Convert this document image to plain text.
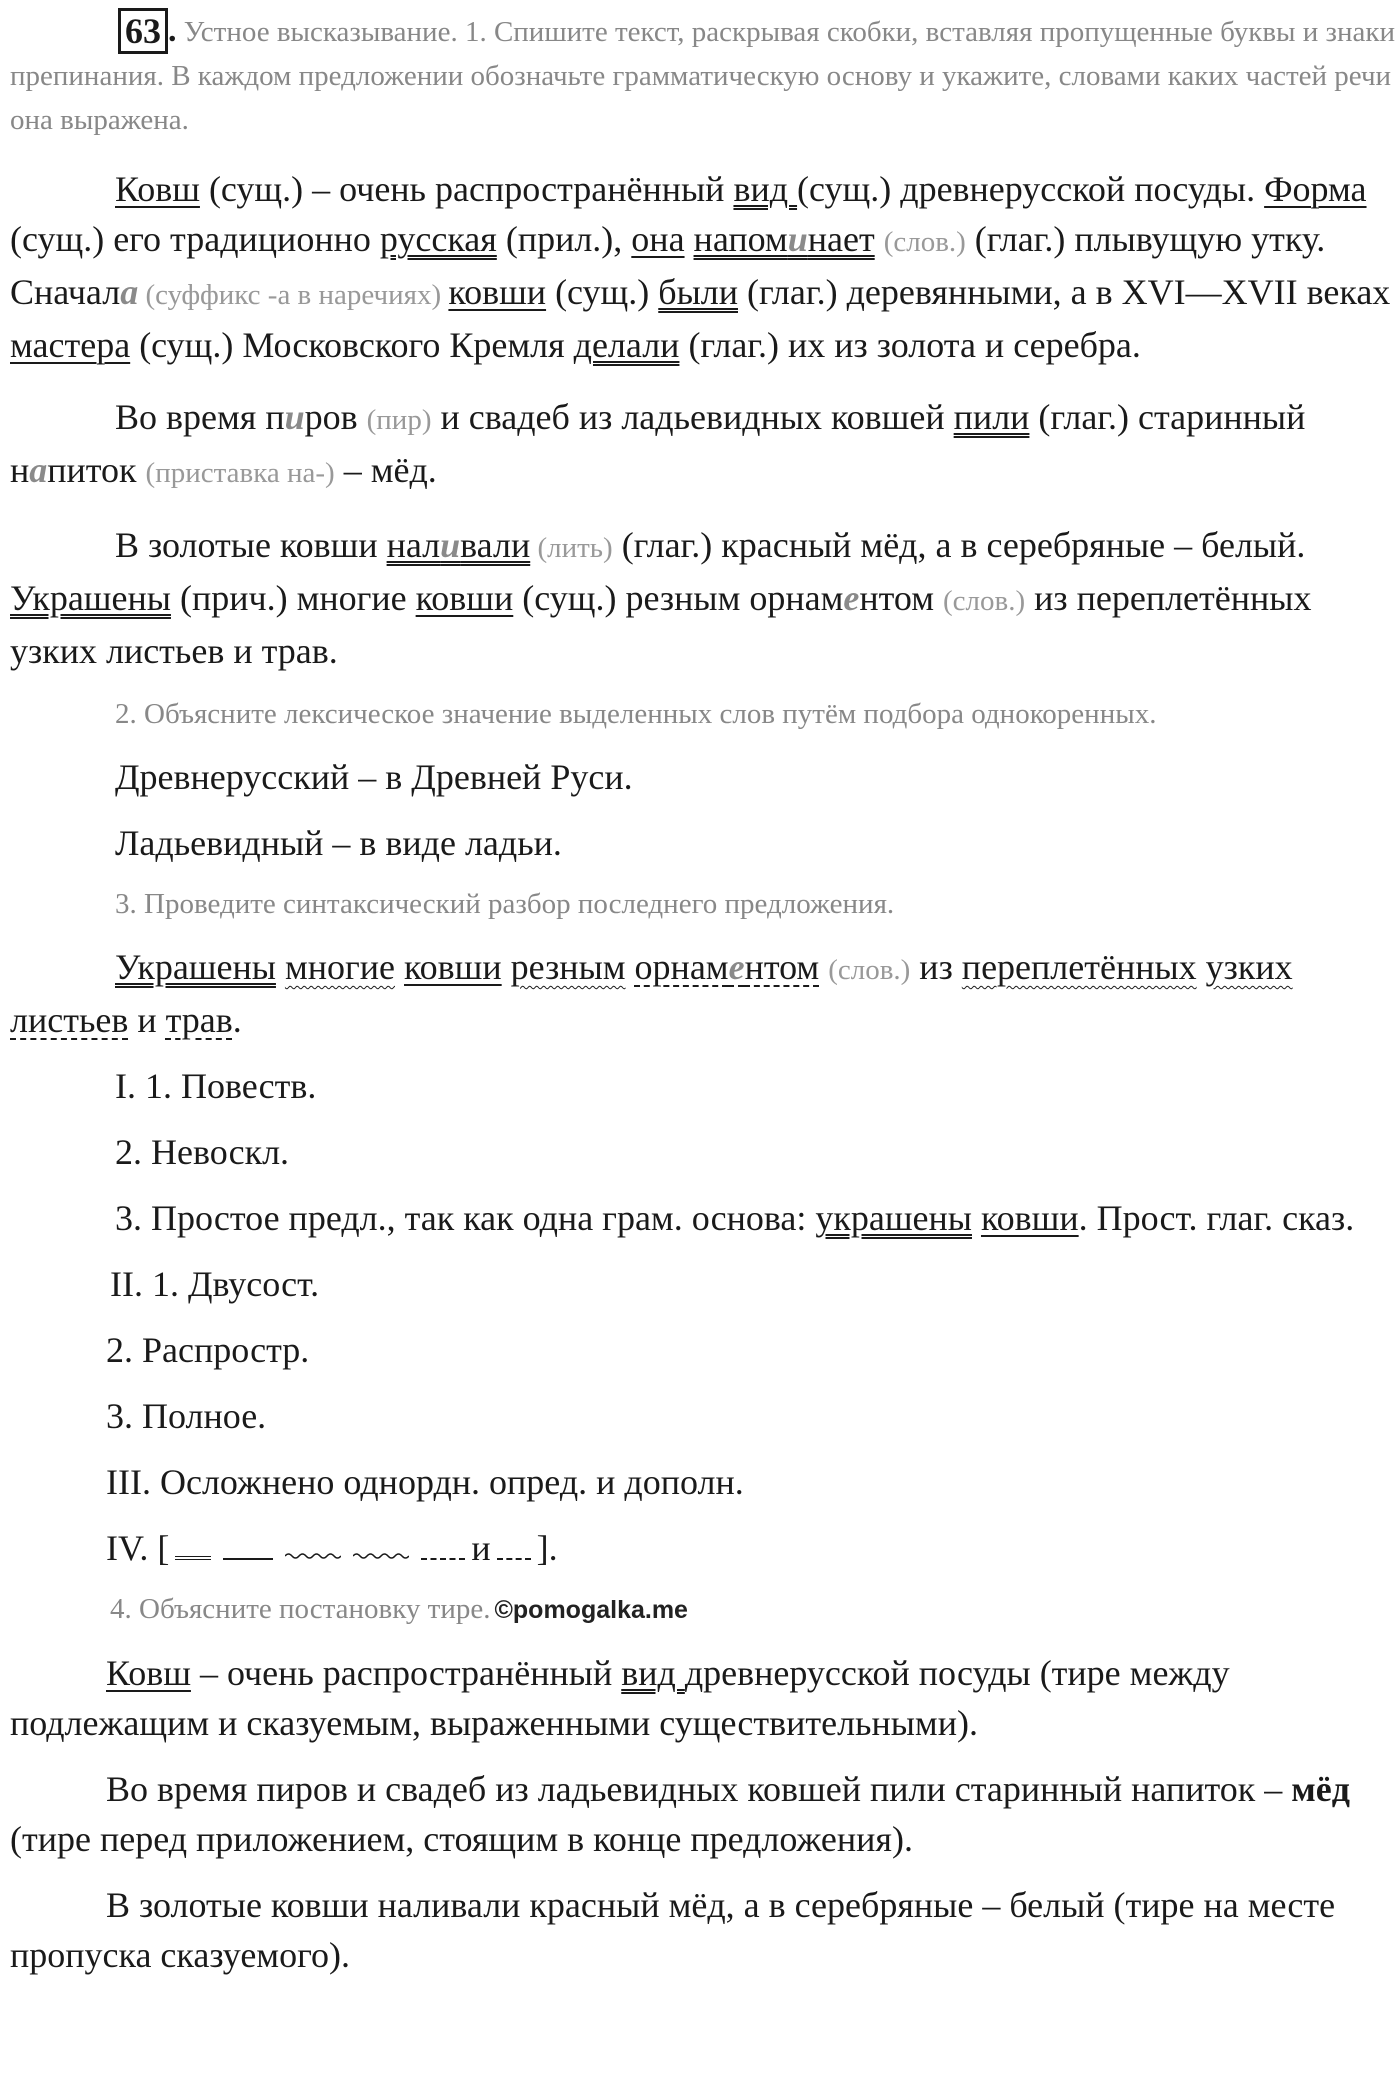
63 . Устное высказывание. 1. Спишите текст, раскрывая скобки, вставляя пропущенные буквы и знаки препинания. В каждом предложении обозначьте грамматическую основу и укажите, словами каких частей речи она выражена.

Ковш (сущ.) – очень распространённый вид (сущ.) древнерусской посуды. Форма (сущ.) его традиционно русская (прил.), она напоминает (слов.) (глаг.) плывущую утку. Сначала (суффикс -а в наречиях) ковши (сущ.) были (глаг.) деревянными, а в XVI—XVII веках мастера (сущ.) Московского Кремля делали (глаг.) их из золота и серебра.

Во время пиров (пир) и свадеб из ладьевидных ковшей пили (глаг.) старинный напиток (приставка на-) – мёд.

В золотые ковши наливали (лить) (глаг.) красный мёд, а в серебряные – белый. Украшены (прич.) многие ковши (сущ.) резным орнаментом (слов.) из переплетённых узких листьев и трав.

2. Объясните лексическое значение выделенных слов путём подбора однокоренных.

Древнерусский – в Древней Руси.

Ладьевидный – в виде ладьи.

3. Проведите синтаксический разбор последнего предложения.

Украшены многие ковши резным орнаментом (слов.) из переплетённых узких листьев и трав.

I. 1. Повеств.

2. Невоскл.

3. Простое предл., так как одна грам. основа: украшены ковши. Прост. глаг. сказ.

II. 1. Двусост.

2. Распростр.

3. Полное.

III. Осложнено однордн. опред. и дополн.

IV. [	и ].

4. Объясните постановку тире. ©pomogalka.me

Ковш – очень распространённый вид древнерусской посуды (тире между подлежащим и сказуемым, выраженными существительными).

Во время пиров и свадеб из ладьевидных ковшей пили старинный напиток – мёд (тире перед приложением, стоящим в конце предложения).

В золотые ковши наливали красный мёд, а в серебряные – белый (тире на месте пропуска сказуемого).
